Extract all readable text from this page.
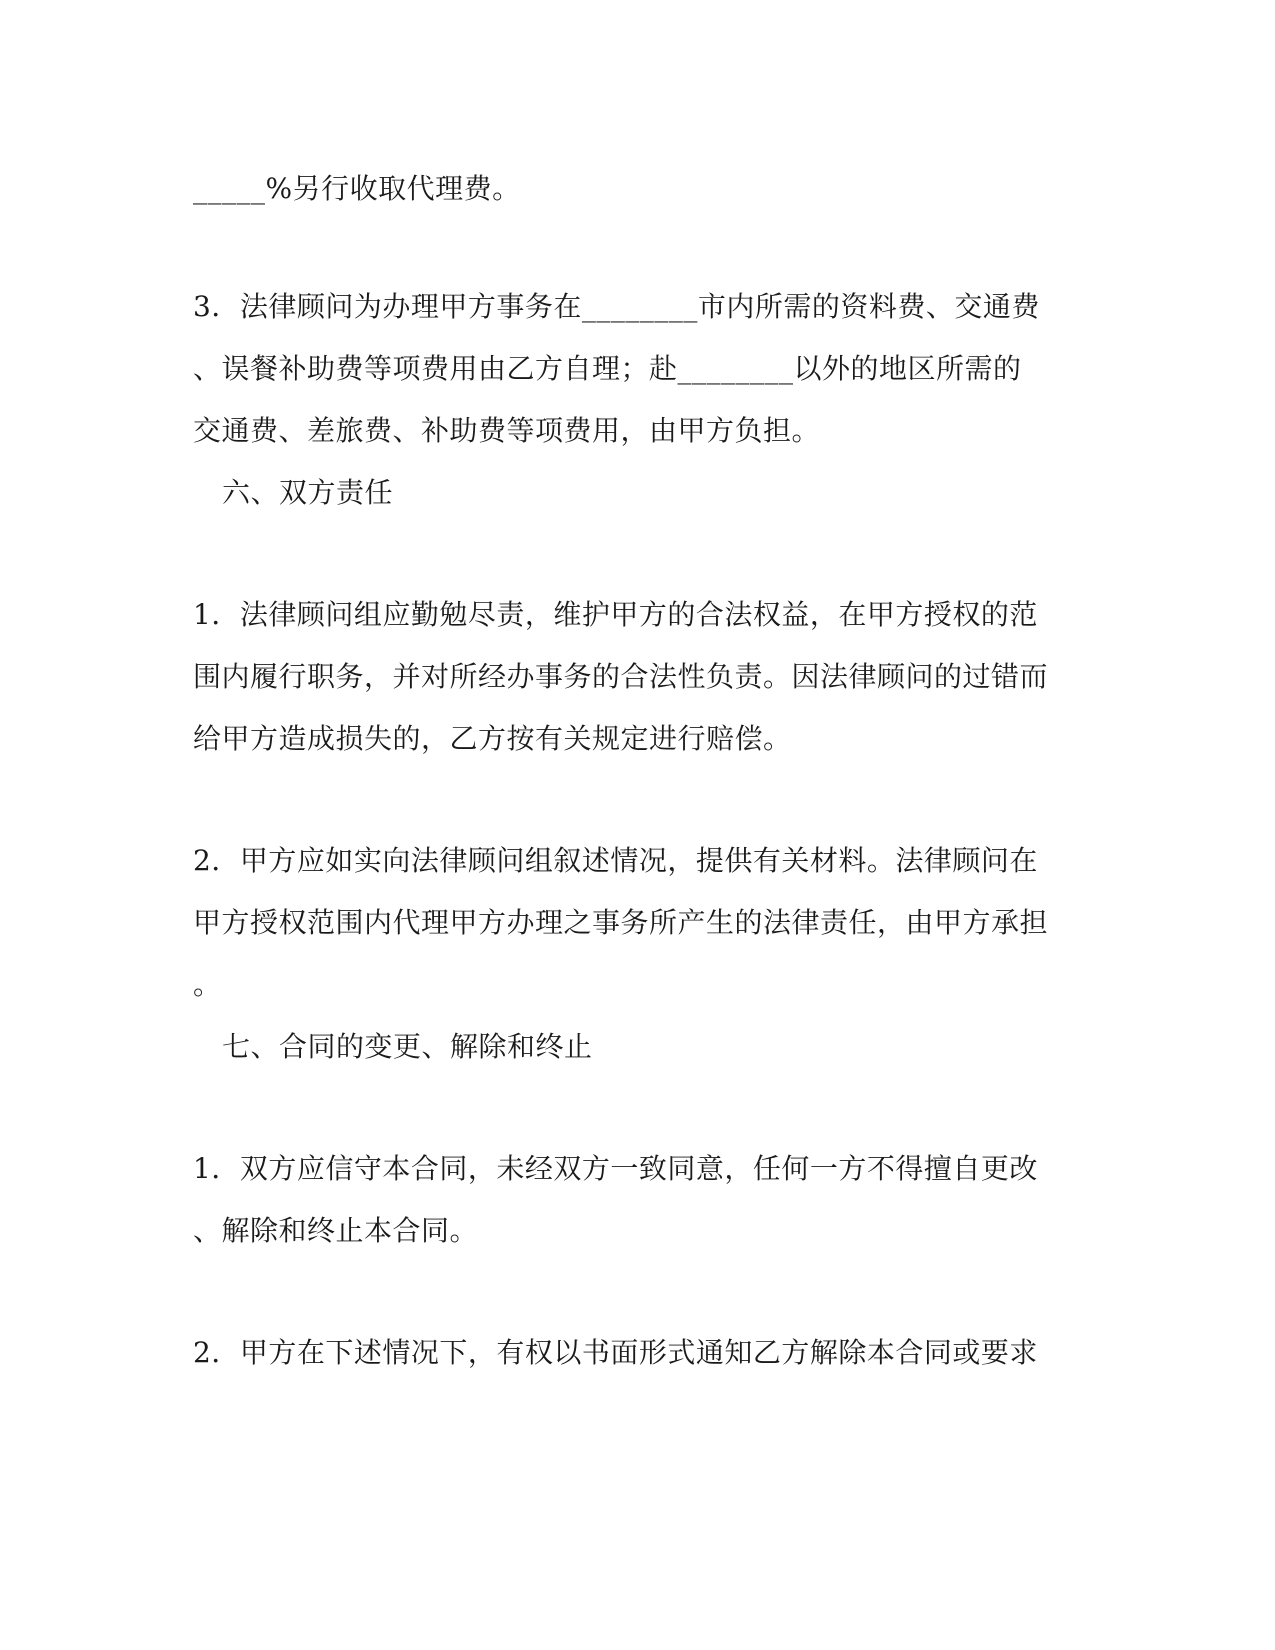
_____%另行收取代理费。
3．法律顾问为办理甲方事务在________市内所需的资料费、交通费
、误餐补助费等项费用由乙方自理；赴________以外的地区所需的
交通费、差旅费、补助费等项费用，由甲方负担。
六、双方责任
1．法律顾问组应勤勉尽责，维护甲方的合法权益，在甲方授权的范
围内履行职务，并对所经办事务的合法性负责。因法律顾问的过错而
给甲方造成损失的，乙方按有关规定进行赔偿。
2．甲方应如实向法律顾问组叙述情况，提供有关材料。法律顾问在
甲方授权范围内代理甲方办理之事务所产生的法律责任，由甲方承担
。
七、合同的变更、解除和终止
1．双方应信守本合同，未经双方一致同意，任何一方不得擅自更改
、解除和终止本合同。
2．甲方在下述情况下，有权以书面形式通知乙方解除本合同或要求
